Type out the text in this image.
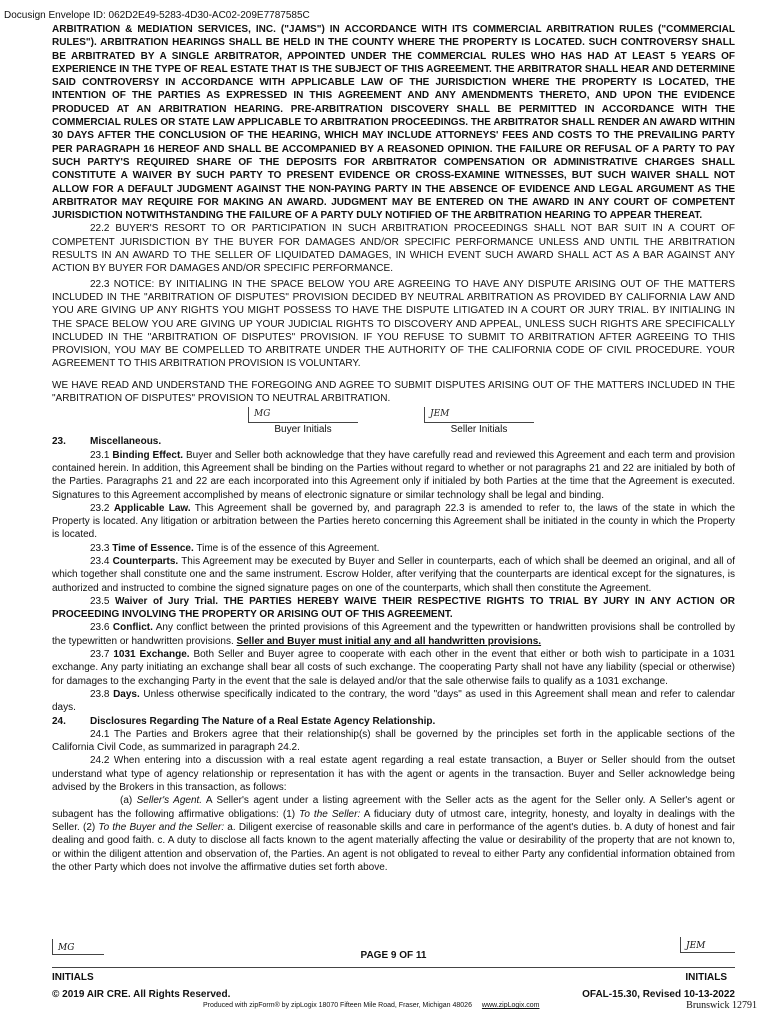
Docusign Envelope ID: 062D2E49-5283-4D30-AC02-209E7787585C

ARBITRATION & MEDIATION SERVICES, INC. ("JAMS") IN ACCORDANCE WITH ITS COMMERCIAL ARBITRATION RULES ("COMMERCIAL RULES"). ARBITRATION HEARINGS SHALL BE HELD IN THE COUNTY WHERE THE PROPERTY IS LOCATED. SUCH CONTROVERSY SHALL BE ARBITRATED BY A SINGLE ARBITRATOR, APPOINTED UNDER THE COMMERCIAL RULES WHO HAS HAD AT LEAST 5 YEARS OF EXPERIENCE IN THE TYPE OF REAL ESTATE THAT IS THE SUBJECT OF THIS AGREEMENT. THE ARBITRATOR SHALL HEAR AND DETERMINE SAID CONTROVERSY IN ACCORDANCE WITH APPLICABLE LAW OF THE JURISDICTION WHERE THE PROPERTY IS LOCATED, THE INTENTION OF THE PARTIES AS EXPRESSED IN THIS AGREEMENT AND ANY AMENDMENTS THERETO, AND UPON THE EVIDENCE PRODUCED AT AN ARBITRATION HEARING. PRE-ARBITRATION DISCOVERY SHALL BE PERMITTED IN ACCORDANCE WITH THE COMMERCIAL RULES OR STATE LAW APPLICABLE TO ARBITRATION PROCEEDINGS. THE ARBITRATOR SHALL RENDER AN AWARD WITHIN 30 DAYS AFTER THE CONCLUSION OF THE HEARING, WHICH MAY INCLUDE ATTORNEYS' FEES AND COSTS TO THE PREVAILING PARTY PER PARAGRAPH 16 HEREOF AND SHALL BE ACCOMPANIED BY A REASONED OPINION. THE FAILURE OR REFUSAL OF A PARTY TO PAY SUCH PARTY'S REQUIRED SHARE OF THE DEPOSITS FOR ARBITRATOR COMPENSATION OR ADMINISTRATIVE CHARGES SHALL CONSTITUTE A WAIVER BY SUCH PARTY TO PRESENT EVIDENCE OR CROSS-EXAMINE WITNESSES, BUT SUCH WAIVER SHALL NOT ALLOW FOR A DEFAULT JUDGMENT AGAINST THE NON-PAYING PARTY IN THE ABSENCE OF EVIDENCE AND LEGAL ARGUMENT AS THE ARBITRATOR MAY REQUIRE FOR MAKING AN AWARD. JUDGMENT MAY BE ENTERED ON THE AWARD IN ANY COURT OF COMPETENT JURISDICTION NOTWITHSTANDING THE FAILURE OF A PARTY DULY NOTIFIED OF THE ARBITRATION HEARING TO APPEAR THEREAT.

22.2 BUYER'S RESORT TO OR PARTICIPATION IN SUCH ARBITRATION PROCEEDINGS SHALL NOT BAR SUIT IN A COURT OF COMPETENT JURISDICTION BY THE BUYER FOR DAMAGES AND/OR SPECIFIC PERFORMANCE UNLESS AND UNTIL THE ARBITRATION RESULTS IN AN AWARD TO THE SELLER OF LIQUIDATED DAMAGES, IN WHICH EVENT SUCH AWARD SHALL ACT AS A BAR AGAINST ANY ACTION BY BUYER FOR DAMAGES AND/OR SPECIFIC PERFORMANCE.

22.3 NOTICE: BY INITIALING IN THE SPACE BELOW YOU ARE AGREEING TO HAVE ANY DISPUTE ARISING OUT OF THE MATTERS INCLUDED IN THE "ARBITRATION OF DISPUTES" PROVISION DECIDED BY NEUTRAL ARBITRATION AS PROVIDED BY CALIFORNIA LAW AND YOU ARE GIVING UP ANY RIGHTS YOU MIGHT POSSESS TO HAVE THE DISPUTE LITIGATED IN A COURT OR JURY TRIAL. BY INITIALING IN THE SPACE BELOW YOU ARE GIVING UP YOUR JUDICIAL RIGHTS TO DISCOVERY AND APPEAL, UNLESS SUCH RIGHTS ARE SPECIFICALLY INCLUDED IN THE "ARBITRATION OF DISPUTES" PROVISION. IF YOU REFUSE TO SUBMIT TO ARBITRATION AFTER AGREEING TO THIS PROVISION, YOU MAY BE COMPELLED TO ARBITRATE UNDER THE AUTHORITY OF THE CALIFORNIA CODE OF CIVIL PROCEDURE. YOUR AGREEMENT TO THIS ARBITRATION PROVISION IS VOLUNTARY.

WE HAVE READ AND UNDERSTAND THE FOREGOING AND AGREE TO SUBMIT DISPUTES ARISING OUT OF THE MATTERS INCLUDED IN THE "ARBITRATION OF DISPUTES" PROVISION TO NEUTRAL ARBITRATION.

MG
Buyer Initials
JEM
Seller Initials

23. Miscellaneous.

23.1 Binding Effect. Buyer and Seller both acknowledge that they have carefully read and reviewed this Agreement and each term and provision contained herein. In addition, this Agreement shall be binding on the Parties without regard to whether or not paragraphs 21 and 22 are initialed by both of the Parties. Paragraphs 21 and 22 are each incorporated into this Agreement only if initialed by both Parties at the time that the Agreement is executed. Signatures to this Agreement accomplished by means of electronic signature or similar technology shall be legal and binding.

23.2 Applicable Law. This Agreement shall be governed by, and paragraph 22.3 is amended to refer to, the laws of the state in which the Property is located. Any litigation or arbitration between the Parties hereto concerning this Agreement shall be initiated in the county in which the Property is located.

23.3 Time of Essence. Time is of the essence of this Agreement.

23.4 Counterparts. This Agreement may be executed by Buyer and Seller in counterparts, each of which shall be deemed an original, and all of which together shall constitute one and the same instrument. Escrow Holder, after verifying that the counterparts are identical except for the signatures, is authorized and instructed to combine the signed signature pages on one of the counterparts, which shall then constitute the Agreement.

23.5 Waiver of Jury Trial. THE PARTIES HEREBY WAIVE THEIR RESPECTIVE RIGHTS TO TRIAL BY JURY IN ANY ACTION OR PROCEEDING INVOLVING THE PROPERTY OR ARISING OUT OF THIS AGREEMENT.

23.6 Conflict. Any conflict between the printed provisions of this Agreement and the typewritten or handwritten provisions shall be controlled by the typewritten or handwritten provisions. Seller and Buyer must initial any and all handwritten provisions.

23.7 1031 Exchange. Both Seller and Buyer agree to cooperate with each other in the event that either or both wish to participate in a 1031 exchange. Any party initiating an exchange shall bear all costs of such exchange. The cooperating Party shall not have any liability (special or otherwise) for damages to the exchanging Party in the event that the sale is delayed and/or that the sale otherwise fails to qualify as a 1031 exchange.

23.8 Days. Unless otherwise specifically indicated to the contrary, the word "days" as used in this Agreement shall mean and refer to calendar days.

24. Disclosures Regarding The Nature of a Real Estate Agency Relationship.

24.1 The Parties and Brokers agree that their relationship(s) shall be governed by the principles set forth in the applicable sections of the California Civil Code, as summarized in paragraph 24.2.

24.2 When entering into a discussion with a real estate agent regarding a real estate transaction, a Buyer or Seller should from the outset understand what type of agency relationship or representation it has with the agent or agents in the transaction. Buyer and Seller acknowledge being advised by the Brokers in this transaction, as follows:

(a) Seller's Agent. A Seller's agent under a listing agreement with the Seller acts as the agent for the Seller only. A Seller's agent or subagent has the following affirmative obligations: (1) To the Seller: A fiduciary duty of utmost care, integrity, honesty, and loyalty in dealings with the Seller. (2) To the Buyer and the Seller: a. Diligent exercise of reasonable skills and care in performance of the agent's duties. b. A duty of honest and fair dealing and good faith. c. A duty to disclose all facts known to the agent materially affecting the value or desirability of the property that are not known to, or within the diligent attention and observation of, the Parties. An agent is not obligated to reveal to either Party any confidential information obtained from the other Party which does not involve the affirmative duties set forth above.

MG
PAGE 9 OF 11
JEM
INITIALS	INITIALS
© 2019 AIR CRE. All Rights Reserved.	OFAL-15.30, Revised 10-13-2022
Produced with zipForm® by zipLogix 18070 Fifteen Mile Road, Fraser, Michigan 48026 www.zipLogix.com	Brunswick 12791
